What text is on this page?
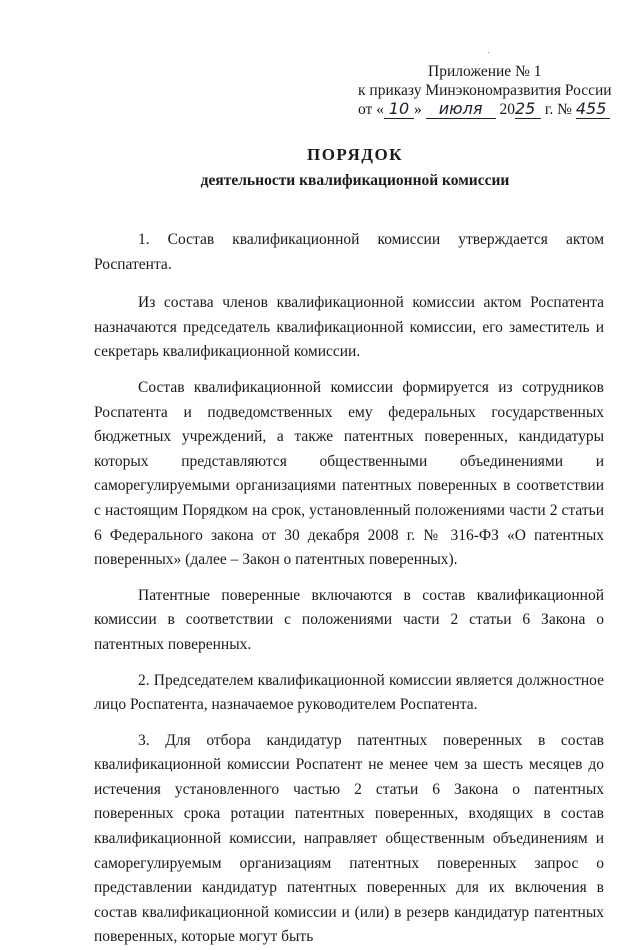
Приложение № 1
к приказу Минэкономразвития России
от « 10 » июля 2025 г. № 455
ПОРЯДОК
деятельности квалификационной комиссии

1. Состав квалификационной комиссии утверждается актом Роспатента.

Из состава членов квалификационной комиссии актом Роспатента назначаются председатель квалификационной комиссии, его заместитель и секретарь квалификационной комиссии.

Состав квалификационной комиссии формируется из сотрудников Роспатента и подведомственных ему федеральных государственных бюджетных учреждений, а также патентных поверенных, кандидатуры которых представляются общественными объединениями и саморегулируемыми организациями патентных поверенных в соответствии с настоящим Порядком на срок, установленный положениями части 2 статьи 6 Федерального закона от 30 декабря 2008 г. № 316-ФЗ «О патентных поверенных» (далее – Закон о патентных поверенных).

Патентные поверенные включаются в состав квалификационной комиссии в соответствии с положениями части 2 статьи 6 Закона о патентных поверенных.

2. Председателем квалификационной комиссии является должностное лицо Роспатента, назначаемое руководителем Роспатента.

3. Для отбора кандидатур патентных поверенных в состав квалификационной комиссии Роспатент не менее чем за шесть месяцев до истечения установленного частью 2 статьи 6 Закона о патентных поверенных срока ротации патентных поверенных, входящих в состав квалификационной комиссии, направляет общественным объединениям и саморегулируемым организациям патентных поверенных запрос о представлении кандидатур патентных поверенных для их включения в состав квалификационной комиссии и (или) в резерв кандидатур патентных поверенных, которые могут быть
